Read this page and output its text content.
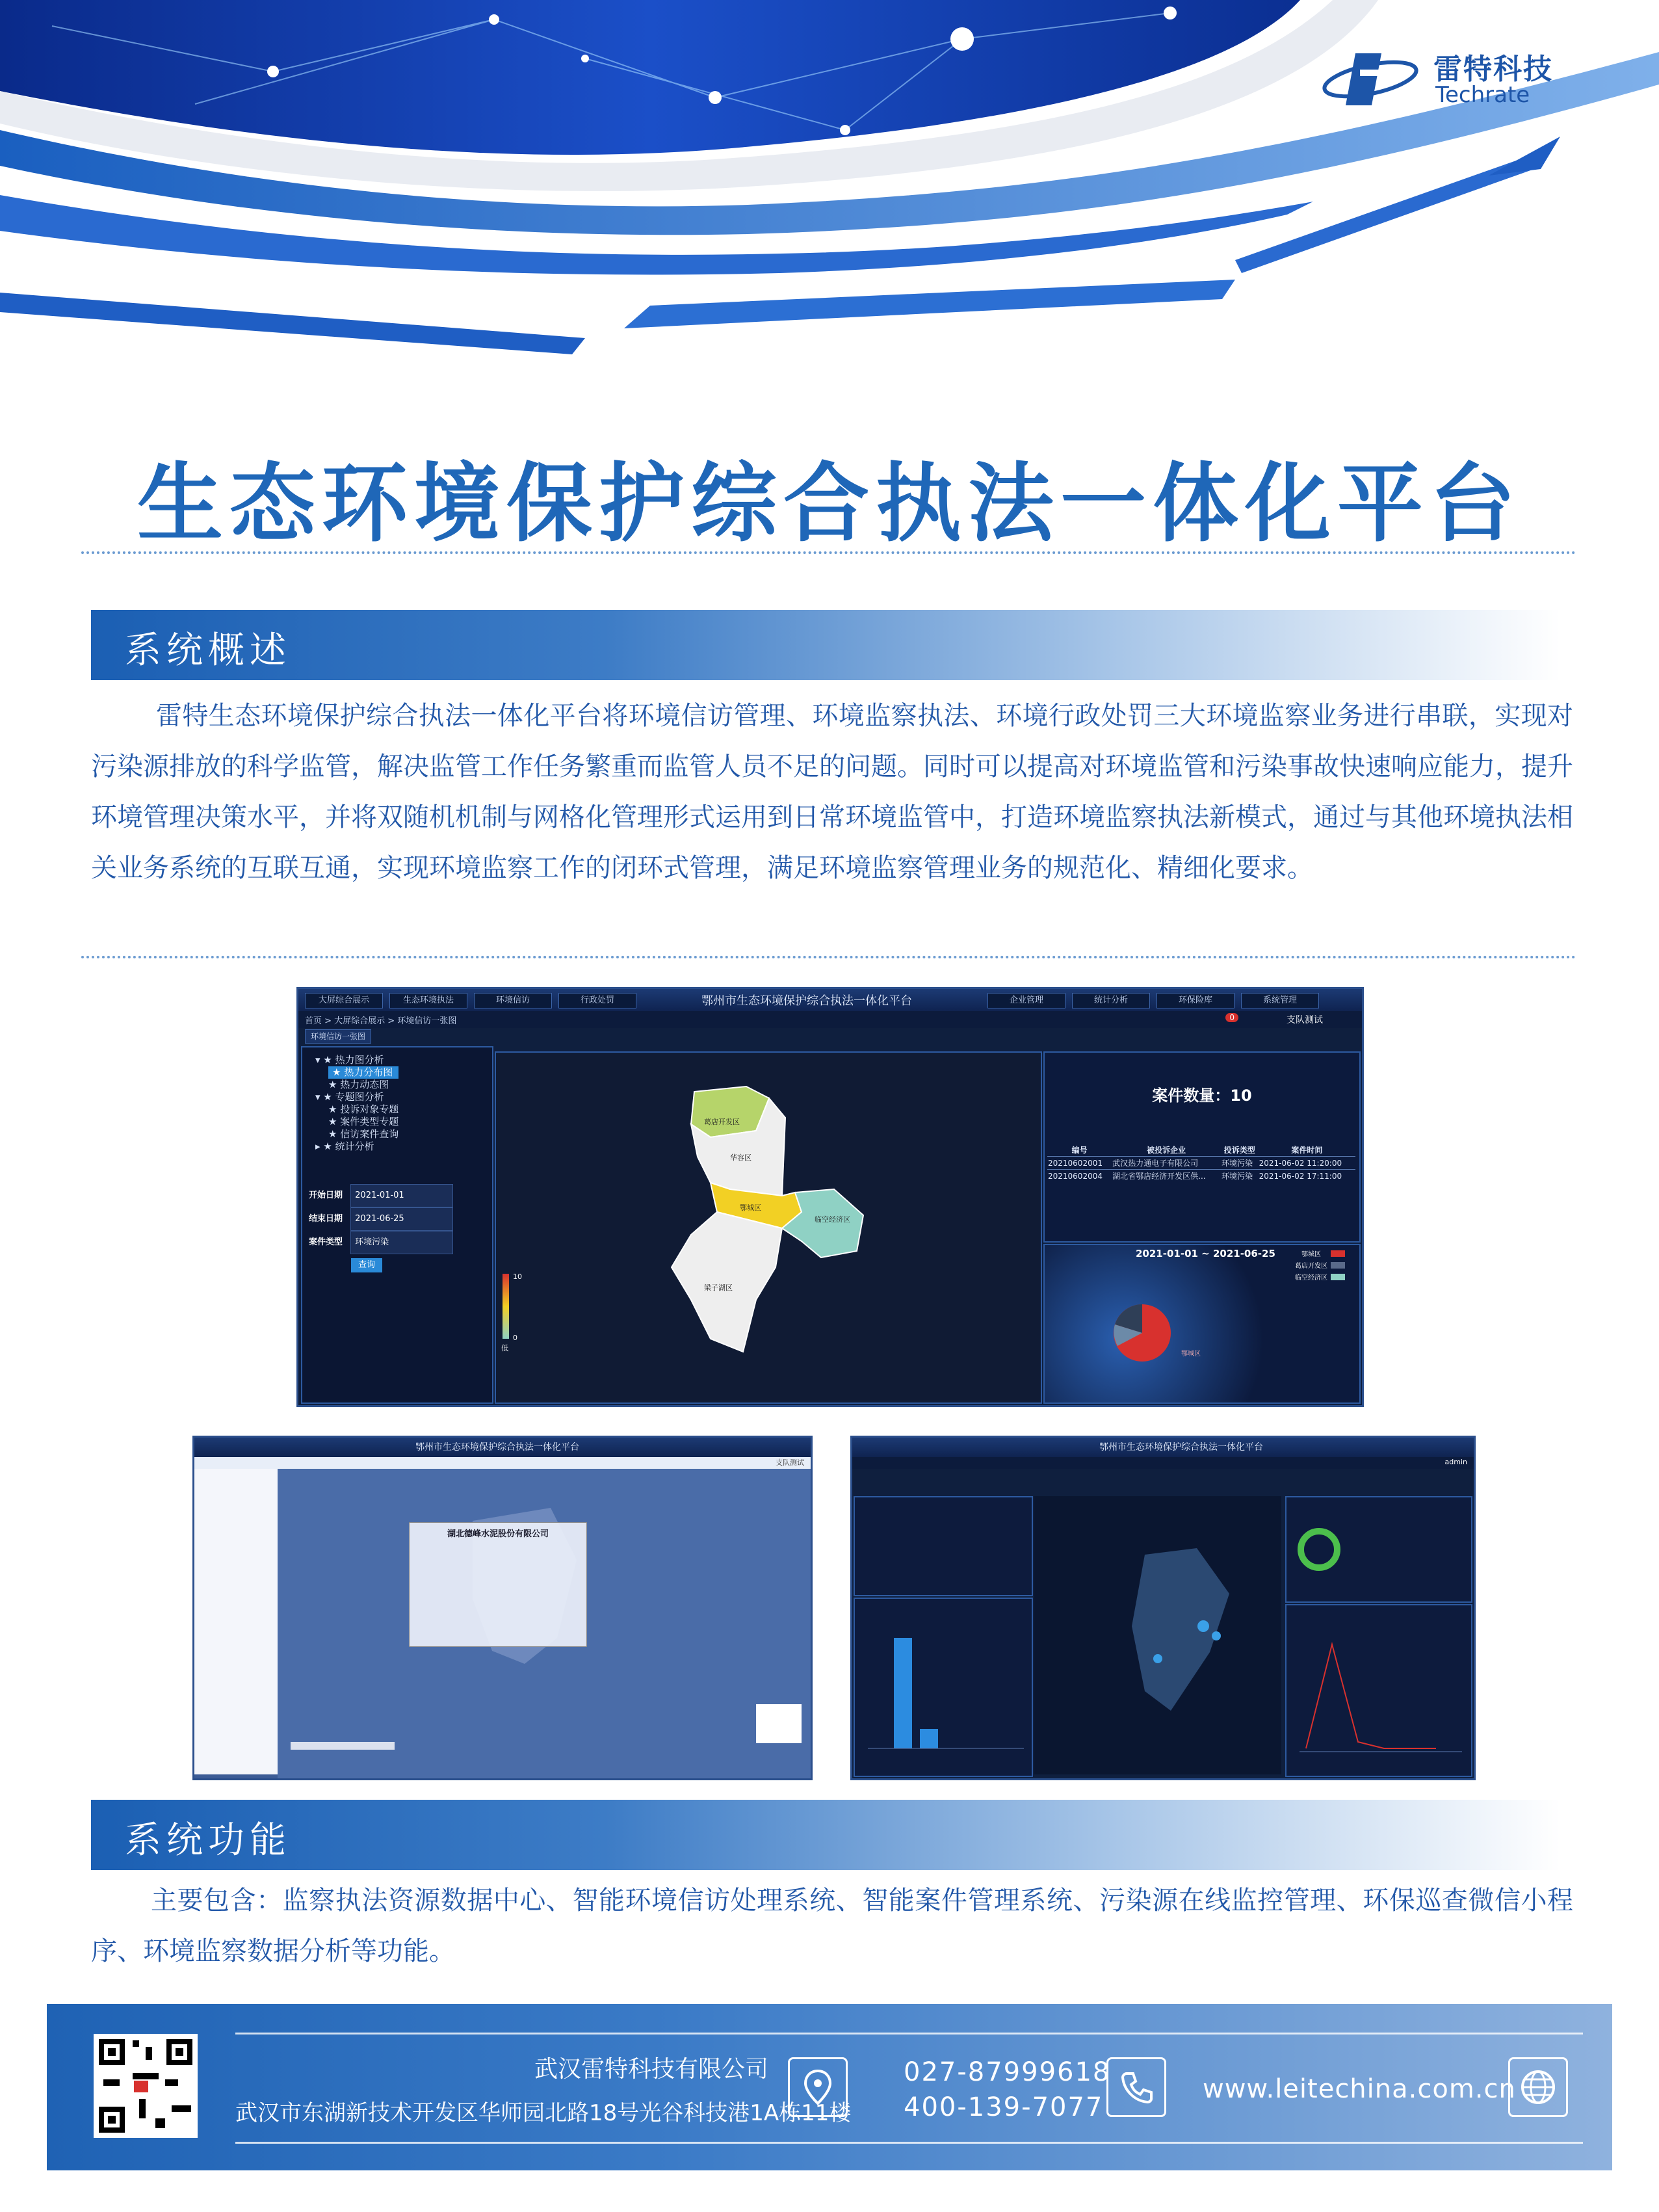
雷特科技
Techrate
生态环境保护综合执法一体化平台
系统概述
雷特生态环境保护综合执法一体化平台将环境信访管理、环境监察执法、环境行政处罚三大环境监察业务进行串联，实现对污染源排放的科学监管，解决监管工作任务繁重而监管人员不足的问题。同时可以提高对环境监管和污染事故快速响应能力，提升环境管理决策水平，并将双随机机制与网格化管理形式运用到日常环境监管中，打造环境监察执法新模式，通过与其他环境执法相关业务系统的互联互通，实现环境监察工作的闭环式管理，满足环境监察管理业务的规范化、精细化要求。
大屏综合展示	生态环境执法	环境信访	行政处罚	鄂州市生态环境保护综合执法一体化平台	企业管理	统计分析	环保险库	系统管理
首页 > 大屏综合展示 > 环境信访一张图	0	支队测试
环境信访一张图
▾ ★ 热力图分析
★ 热力分布图
★ 热力动态图
▾ ★ 专题图分析
★ 投诉对象专题
★ 案件类型专题
★ 信访案件查询
▸ ★ 统计分析
开始日期 2021-01-01
结束日期 2021-06-25
案件类型 环境污染
查询
葛店开发区
华容区
鄂城区
临空经济区
梁子湖区
10
0
低
案件数量：10
编号	被投诉企业	投诉类型	案件时间
20210602001	武汉热力通电子有限公司	环境污染	2021-06-02 11:20:00
20210602004	湖北省鄂店经济开发区供...	环境污染	2021-06-02 17:11:00
2021-01-01 ~ 2021-06-25
鄂城区
鄂城区
葛店开发区
临空经济区
鄂州市生态环境保护综合执法一体化平台
支队测试
湖北德峰水泥股份有限公司
鄂州市生态环境保护综合执法一体化平台
admin
系统功能
主要包含：监察执法资源数据中心、智能环境信访处理系统、智能案件管理系统、污染源在线监控管理、环保巡查微信小程序、环境监察数据分析等功能。
武汉雷特科技有限公司
武汉市东湖新技术开发区华师园北路18号光谷科技港1A栋11楼
027-87999618
400-139-7077
www.leitechina.com.cn
